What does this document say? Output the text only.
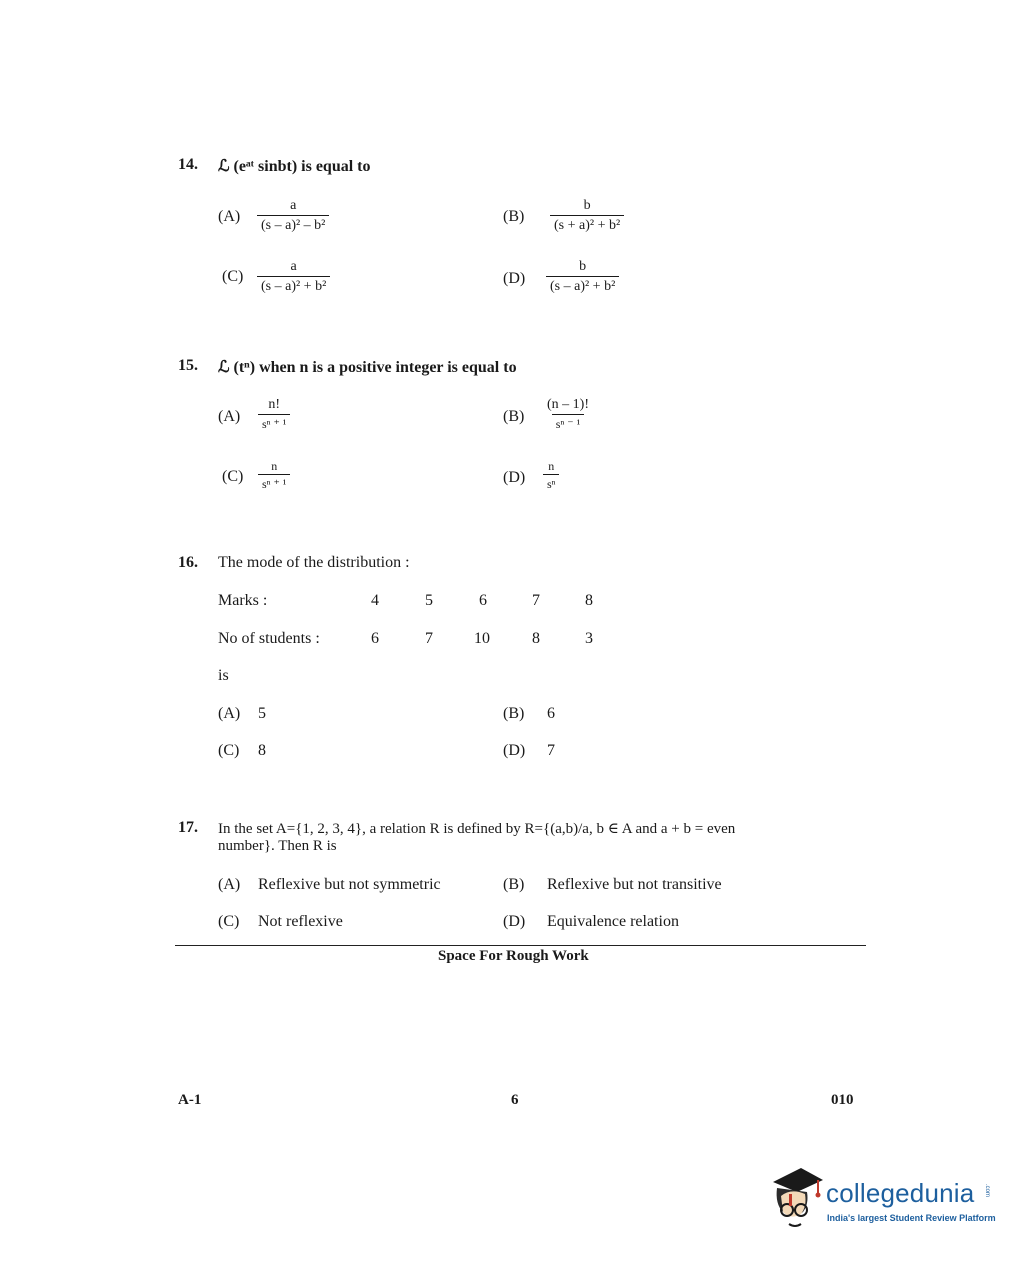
14. ℒ (eᵃᵗ sinbt) is equal to
$(A) \frac{a}{\text{(s – a)² – b²}}$	$(B) \frac{b}{\text{(s + a)² + b²}}$
$(C) \frac{a}{\text{(s – a)² + b²}}$	$(D) \frac{b}{\text{(s – a)² + b²}}$
15. ℒ (tⁿ) when n is a positive integer is equal to
$(A) \frac{n!}{\text{sⁿ ⁺ ¹}}$	$(B) \frac{(n - 1)!}{\text{sⁿ ⁻ ¹}}$
$(C) \frac{n}{\text{sⁿ ⁺ ¹}}$	$(D) \frac{n}{\text{sⁿ}}$
16. The mode of the distribution :
Marks :	4	5	6	7	8
No of students :	6	7	10	8	3
is
(A) 5	(B) 6
(C) 8	(D) 7
17. In the set A={1, 2, 3, 4}, a relation R is defined by R={(a,b)/a, b ∈ A and a + b = even
number}. Then R is
(A) Reflexive but not symmetric	(B) Reflexive but not transitive
(C) Not reflexive	(D) Equivalence relation
Space For Rough Work
A-1	6	010
collegedunia .com
India's largest Student Review Platform
